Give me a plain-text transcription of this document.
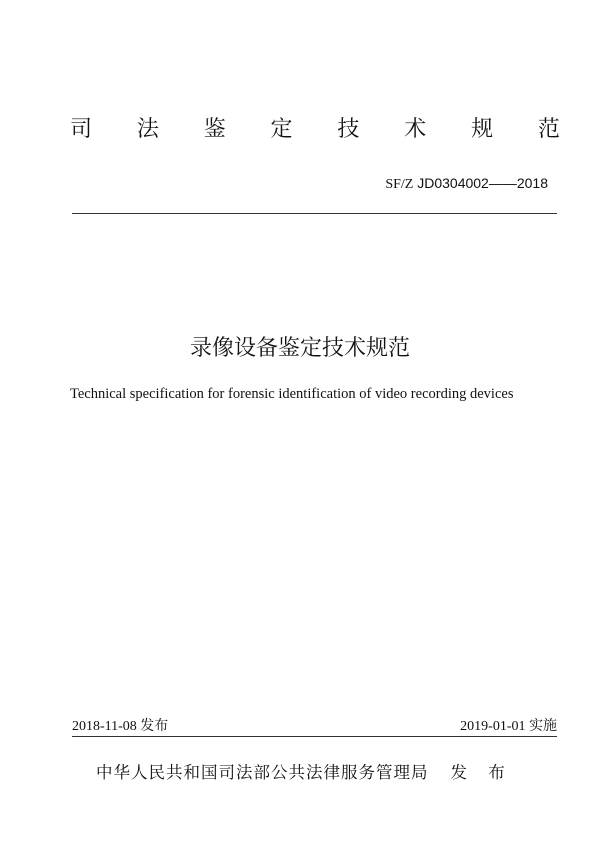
司 法 鉴 定 技 术 规 范
SF/Z JD0304002——2018
录像设备鉴定技术规范
Technical specification for forensic identification of video recording devices
2018-11-08 发布	2019-01-01 实施
中华人民共和国司法部公共法律服务管理局 发 布
